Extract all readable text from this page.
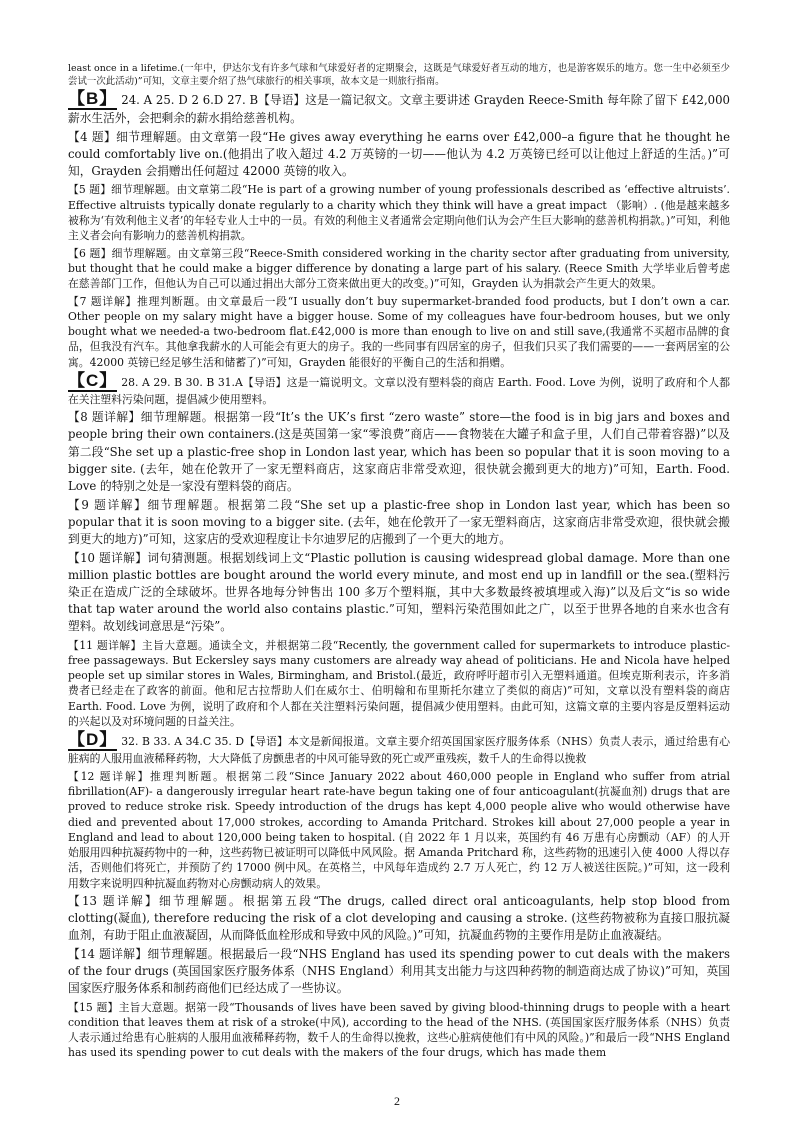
least once in a lifetime.(一年中，伊达尔戈有许多气球和气球爱好者的定期聚会，这既是气球爱好者互动的地方，也是游客娱乐的地方。您一生中必须至少尝试一次此活动)”可知，文章主要介绍了热气球旅行的相关事项，故本文是一则旅行指南。

【B】 24. A 25. D 2 6.D 27. B【导语】这是一篇记叙文。文章主要讲述 Grayden Reece-Smith 每年除了留下 £42,000 薪水生活外，会把剩余的薪水捐给慈善机构。

【4 题】细节理解题。由文章第一段“He gives away everything he earns over £42,000–a figure that he thought he could comfortably live on.(他捐出了收入超过 4.2 万英镑的一切——他认为 4.2 万英镑已经可以让他过上舒适的生活。)”可知，Grayden 会捐赠出任何超过 42000 英镑的收入。

【5 题】细节理解题。由文章第二段“He is part of a growing number of young professionals described as ‘effective altruists’. Effective altruists typically donate regularly to a charity which they think will have a great impact （影响）. (他是越来越多被称为‘有效利他主义者’的年轻专业人士中的一员。有效的利他主义者通常会定期向他们认为会产生巨大影响的慈善机构捐款。)”可知，利他主义者会向有影响力的慈善机构捐款。

【6 题】细节理解题。由文章第三段“Reece-Smith considered working in the charity sector after graduating from university, but thought that he could make a bigger difference by donating a large part of his salary. (Reece Smith 大学毕业后曾考虑在慈善部门工作，但他认为自己可以通过捐出大部分工资来做出更大的改变。)”可知，Grayden 认为捐款会产生更大的效果。

【7 题详解】推理判断题。由文章最后一段“I usually don’t buy supermarket-branded food products, but I don’t own a car. Other people on my salary might have a bigger house. Some of my colleagues have four-bedroom houses, but we only bought what we needed-a two-bedroom flat.£42,000 is more than enough to live on and still save,(我通常不买超市品牌的食品，但我没有汽车。其他拿我薪水的人可能会有更大的房子。我的一些同事有四居室的房子，但我们只买了我们需要的——一套两居室的公寓。42000 英镑已经足够生活和储蓄了)”可知，Grayden 能很好的平衡自己的生活和捐赠。

【C】 28. A 29. B 30. B 31.A【导语】这是一篇说明文。文章以没有塑料袋的商店 Earth. Food. Love 为例，说明了政府和个人都在关注塑料污染问题，提倡减少使用塑料。

【8 题详解】细节理解题。根据第一段“It’s the UK’s first “zero waste” store—the food is in big jars and boxes and people bring their own containers.(这是英国第一家“零浪费”商店——食物装在大罐子和盒子里，人们自己带着容器)”以及第二段“She set up a plastic-free shop in London last year, which has been so popular that it is soon moving to a bigger site. (去年，她在伦敦开了一家无塑料商店，这家商店非常受欢迎，很快就会搬到更大的地方)”可知，Earth. Food. Love 的特别之处是一家没有塑料袋的商店。

【9 题详解】细节理解题。根据第二段“She set up a plastic-free shop in London last year, which has been so popular that it is soon moving to a bigger site. (去年，她在伦敦开了一家无塑料商店，这家商店非常受欢迎，很快就会搬到更大的地方)”可知，这家店的受欢迎程度让卡尔迪罗尼的店搬到了一个更大的地方。

【10 题详解】词句猜测题。根据划线词上文“Plastic pollution is causing widespread global damage. More than one million plastic bottles are bought around the world every minute, and most end up in landfill or the sea.(塑料污染正在造成广泛的全球破坏。世界各地每分钟售出 100 多万个塑料瓶，其中大多数最终被填埋或入海)”以及后文“is so wide that tap water around the world also contains plastic.”可知，塑料污染范围如此之广，以至于世界各地的自来水也含有塑料。故划线词意思是“污染”。

【11 题详解】主旨大意题。通读全文，并根据第二段“Recently, the government called for supermarkets to introduce plastic-free passageways. But Eckersley says many customers are already way ahead of politicians. He and Nicola have helped people set up similar stores in Wales, Birmingham, and Bristol.(最近，政府呼吁超市引入无塑料通道。但埃克斯利表示，许多消费者已经走在了政客的前面。他和尼古拉帮助人们在威尔士、伯明翰和布里斯托尔建立了类似的商店)”可知，文章以没有塑料袋的商店 Earth. Food. Love 为例，说明了政府和个人都在关注塑料污染问题，提倡减少使用塑料。由此可知，这篇文章的主要内容是反塑料运动的兴起以及对环境问题的日益关注。

【D】 32. B 33. A 34.C 35. D【导语】本文是新闻报道。文章主要介绍英国国家医疗服务体系（NHS）负责人表示，通过给患有心脏病的人服用血液稀释药物，大大降低了房颤患者的中风可能导致的死亡或严重残疾，数千人的生命得以挽救

【12 题详解】推理判断题。根据第二段“Since January 2022 about 460,000 people in England who suffer from atrial fibrillation(AF)- a dangerously irregular heart rate-have begun taking one of four anticoagulant(抗凝血剂) drugs that are proved to reduce stroke risk. Speedy introduction of the drugs has kept 4,000 people alive who would otherwise have died and prevented about 17,000 strokes, according to Amanda Pritchard. Strokes kill about 27,000 people a year in England and lead to about 120,000 being taken to hospital. (自 2022 年 1 月以来，英国约有 46 万患有心房颤动（AF）的人开始服用四种抗凝药物中的一种，这些药物已被证明可以降低中风风险。据 Amanda Pritchard 称，这些药物的迅速引入使 4000 人得以存活，否则他们将死亡，并预防了约 17000 例中风。在英格兰，中风每年造成约 2.7 万人死亡，约 12 万人被送往医院。)”可知，这一段利用数字来说明四种抗凝血药物对心房颤动病人的效果。

【13 题详解】细节理解题。根据第五段“The drugs, called direct oral anticoagulants, help stop blood from clotting(凝血), therefore reducing the risk of a clot developing and causing a stroke. (这些药物被称为直接口服抗凝血剂，有助于阻止血液凝固，从而降低血栓形成和导致中风的风险。)”可知，抗凝血药物的主要作用是防止血液凝结。

【14 题详解】细节理解题。根据最后一段“NHS England has used its spending power to cut deals with the makers of the four drugs (英国国家医疗服务体系（NHS England）利用其支出能力与这四种药物的制造商达成了协议)”可知，英国国家医疗服务体系和制药商他们已经达成了一些协议。

【15 题】主旨大意题。据第一段“Thousands of lives have been saved by giving blood-thinning drugs to people with a heart condition that leaves them at risk of a stroke(中风), according to the head of the NHS. (英国国家医疗服务体系（NHS）负责人表示通过给患有心脏病的人服用血液稀释药物，数千人的生命得以挽救，这些心脏病使他们有中风的风险。)”和最后一段“NHS England has used its spending power to cut deals with the makers of the four drugs, which has made them

2
